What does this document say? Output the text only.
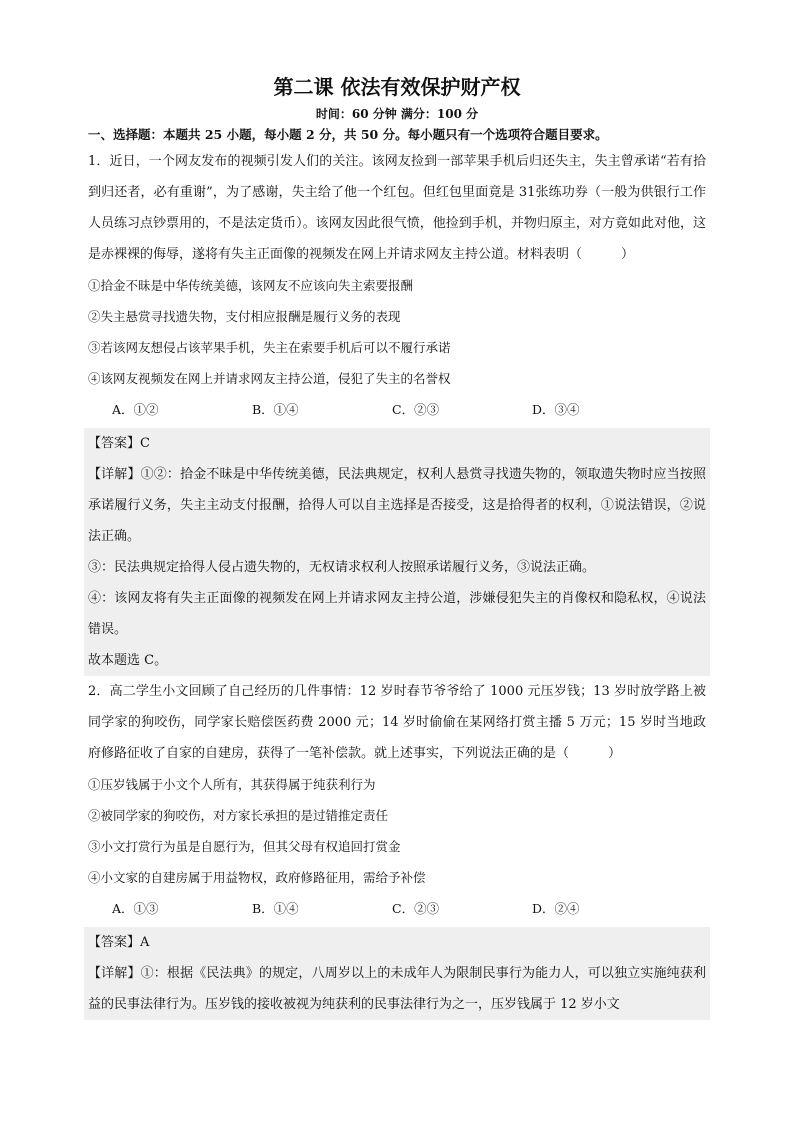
第二课 依法有效保护财产权

时间：60 分钟 满分：100 分

一、选择题：本题共 25 小题，每小题 2 分，共 50 分。每小题只有一个选项符合题目要求。

1．近日，一个网友发布的视频引发人们的关注。该网友捡到一部苹果手机后归还失主，失主曾承诺“若有拾到归还者，必有重谢”，为了感谢，失主给了他一个红包。但红包里面竟是 31张练功券（一般为供银行工作人员练习点钞票用的，不是法定货币）。该网友因此很气愤，他捡到手机，并物归原主，对方竟如此对他，这是赤裸裸的侮辱，遂将有失主正面像的视频发在网上并请求网友主持公道。材料表明（　　　）

①拾金不昧是中华传统美德，该网友不应该向失主索要报酬

②失主悬赏寻找遗失物，支付相应报酬是履行义务的表现

③若该网友想侵占该苹果手机，失主在索要手机后可以不履行承诺

④该网友视频发在网上并请求网友主持公道，侵犯了失主的名誉权

A．①②	B．①④	C．②③	D．③④

【答案】C

【详解】①②：拾金不昧是中华传统美德，民法典规定，权利人悬赏寻找遗失物的，领取遗失物时应当按照承诺履行义务，失主主动支付报酬，拾得人可以自主选择是否接受，这是拾得者的权利，①说法错误，②说法正确。

③：民法典规定拾得人侵占遗失物的，无权请求权利人按照承诺履行义务，③说法正确。

④：该网友将有失主正面像的视频发在网上并请求网友主持公道，涉嫌侵犯失主的肖像权和隐私权，④说法错误。

故本题选 C。

2．高二学生小文回顾了自己经历的几件事情：12 岁时春节爷爷给了 1000 元压岁钱；13 岁时放学路上被同学家的狗咬伤，同学家长赔偿医药费 2000 元；14 岁时偷偷在某网络打赏主播 5 万元；15 岁时当地政府修路征收了自家的自建房，获得了一笔补偿款。就上述事实，下列说法正确的是（　　　）

①压岁钱属于小文个人所有，其获得属于纯获利行为

②被同学家的狗咬伤，对方家长承担的是过错推定责任

③小文打赏行为虽是自愿行为，但其父母有权追回打赏金

④小文家的自建房属于用益物权，政府修路征用，需给予补偿

A．①③	B．①④	C．②③	D．②④

【答案】A

【详解】①：根据《民法典》的规定，八周岁以上的未成年人为限制民事行为能力人，可以独立实施纯获利益的民事法律行为。压岁钱的接收被视为纯获利的民事法律行为之一，压岁钱属于 12 岁小文
